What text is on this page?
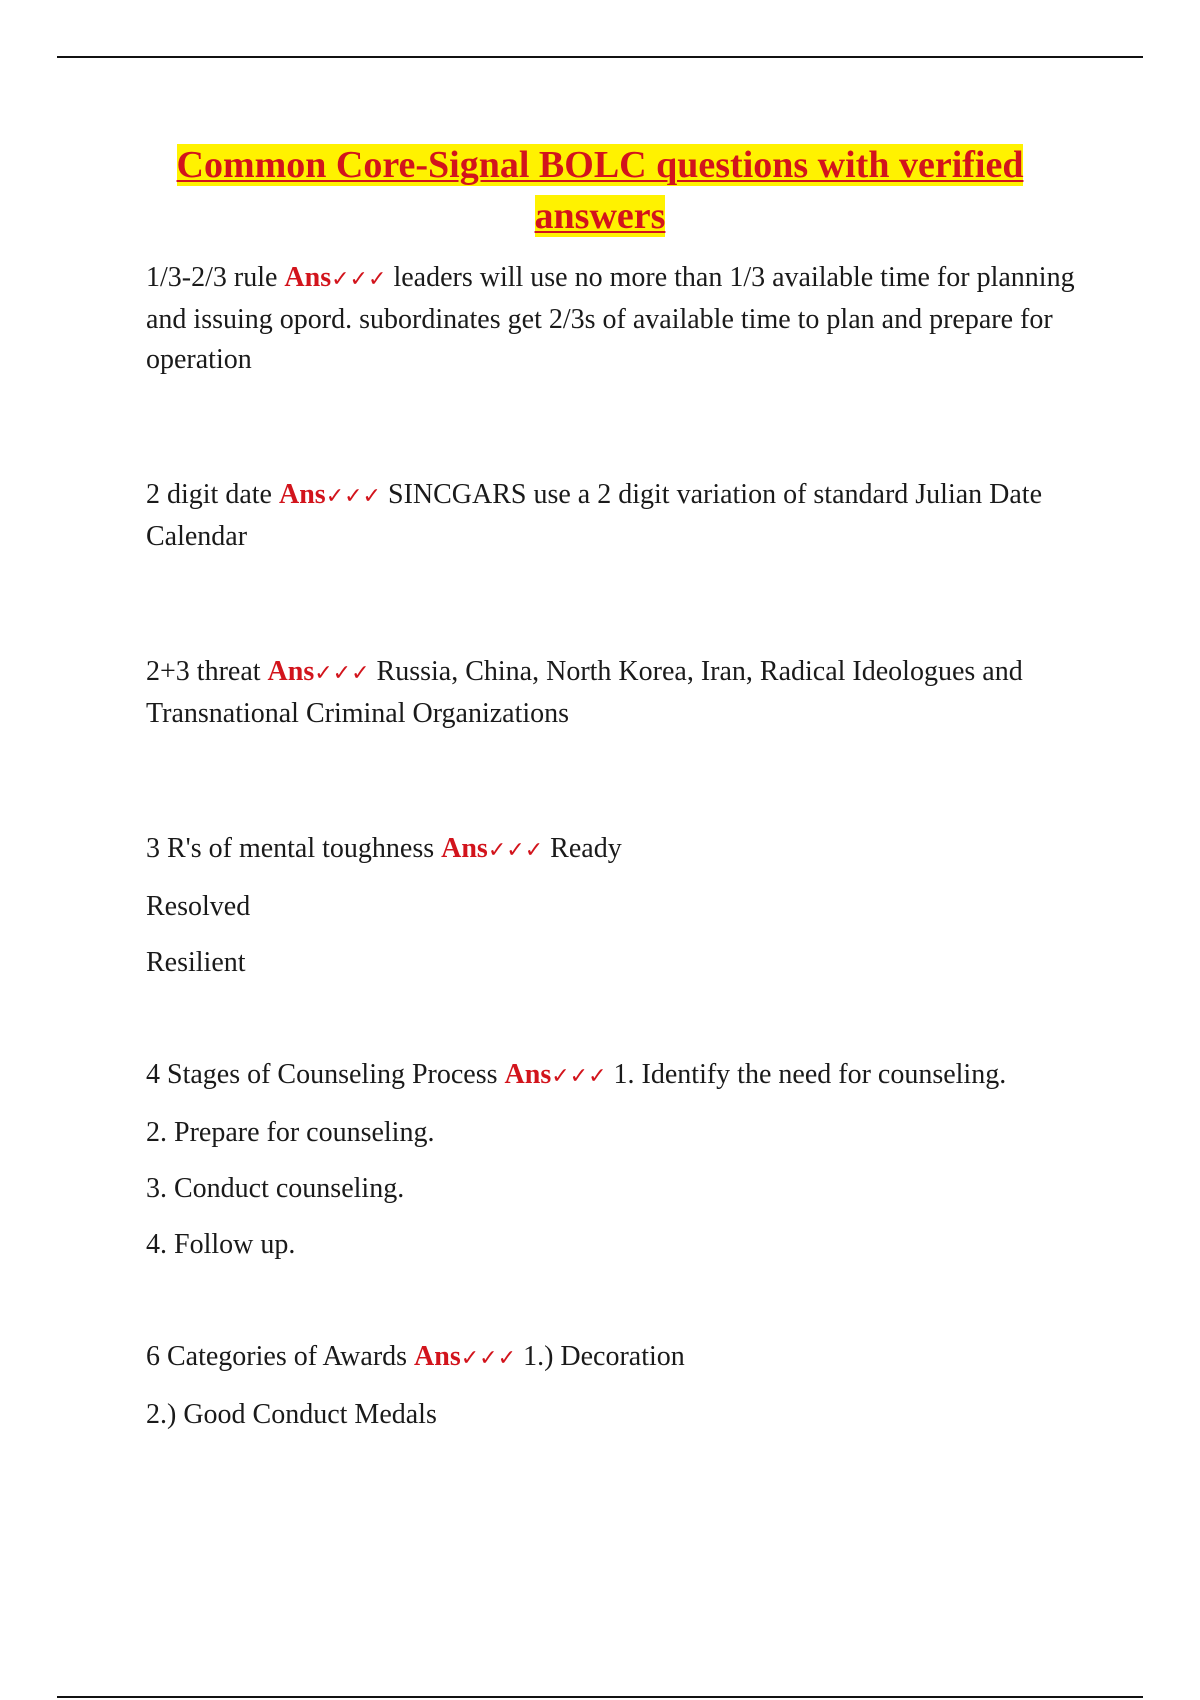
Common Core-Signal BOLC questions with verified
answers

1/3-2/3 rule Ans✓✓✓ leaders will use no more than 1/3 available time for planning and issuing opord. subordinates get 2/3s of available time to plan and prepare for operation

2 digit date Ans✓✓✓ SINCGARS use a 2 digit variation of standard Julian Date Calendar

2+3 threat Ans✓✓✓ Russia, China, North Korea, Iran, Radical Ideologues and Transnational Criminal Organizations

3 R's of mental toughness Ans✓✓✓ Ready

Resolved

Resilient

4 Stages of Counseling Process Ans✓✓✓ 1. Identify the need for counseling.

2. Prepare for counseling.

3. Conduct counseling.

4. Follow up.

6 Categories of Awards Ans✓✓✓ 1.) Decoration

2.) Good Conduct Medals
